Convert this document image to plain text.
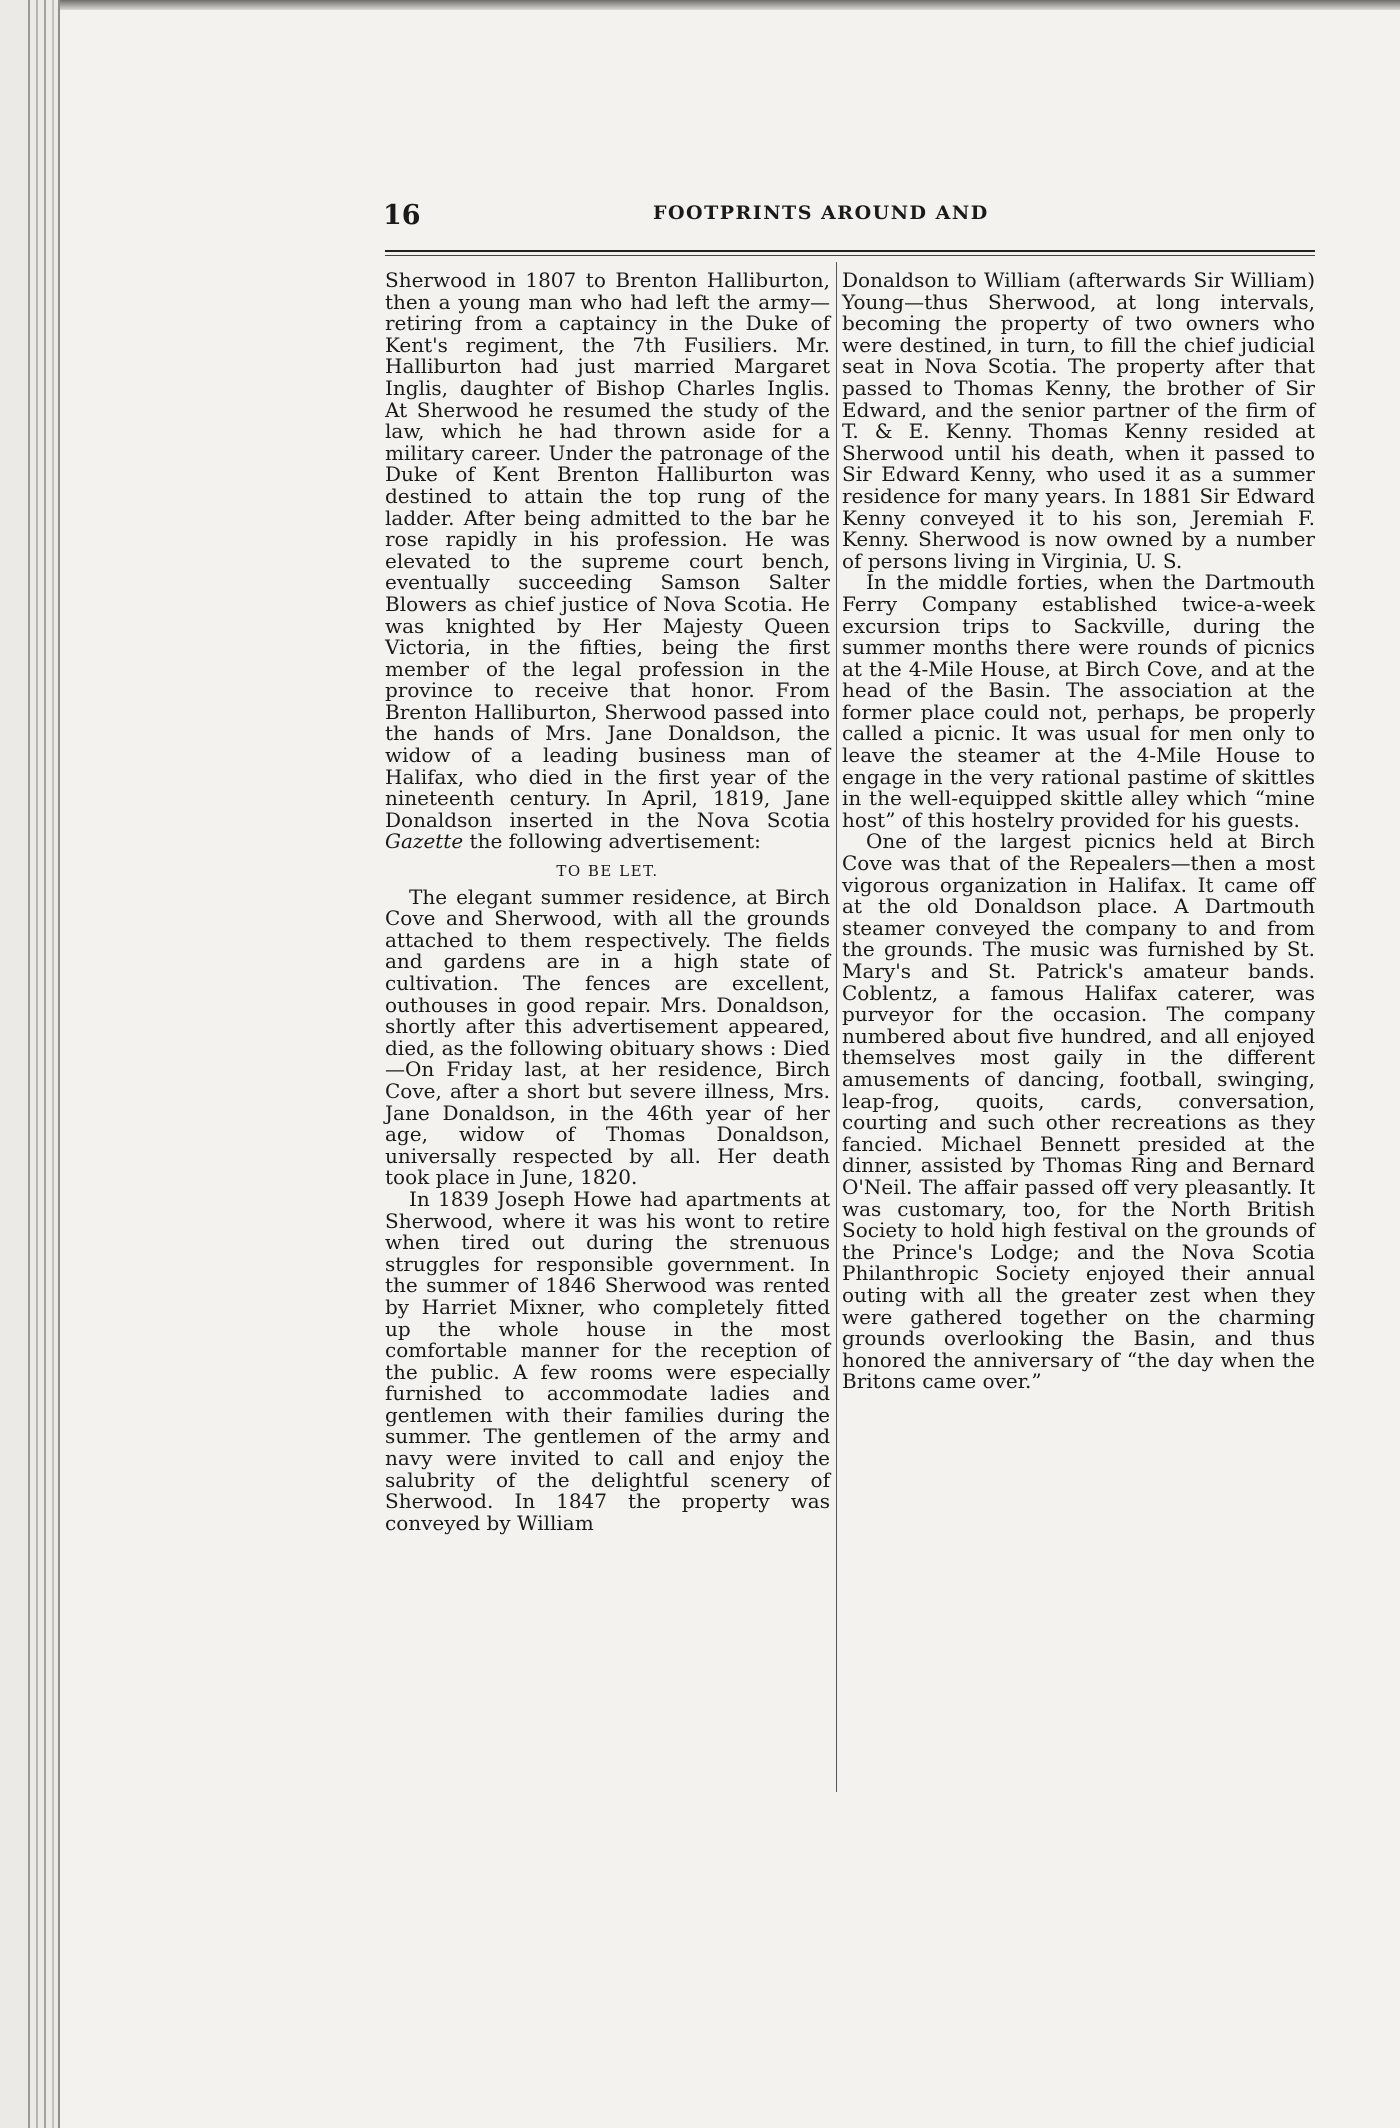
16	FOOTPRINTS AROUND AND

Sherwood in 1807 to Brenton Halliburton, then a young man who had left the army—retiring from a captaincy in the Duke of Kent's regiment, the 7th Fusiliers. Mr. Halliburton had just married Margaret Inglis, daughter of Bishop Charles Inglis. At Sherwood he resumed the study of the law, which he had thrown aside for a military career. Under the patronage of the Duke of Kent Brenton Halliburton was destined to attain the top rung of the ladder. After being admitted to the bar he rose rapidly in his profession. He was elevated to the supreme court bench, eventually succeeding Samson Salter Blowers as chief justice of Nova Scotia. He was knighted by Her Majesty Queen Victoria, in the fifties, being the first member of the legal profession in the province to receive that honor. From Brenton Halliburton, Sherwood passed into the hands of Mrs. Jane Donaldson, the widow of a leading business man of Halifax, who died in the first year of the nineteenth century. In April, 1819, Jane Donaldson inserted in the Nova Scotia Gazette the following advertisement:

TO BE LET.

The elegant summer residence, at Birch Cove and Sherwood, with all the grounds attached to them respectively. The fields and gardens are in a high state of cultivation. The fences are excellent, outhouses in good repair. Mrs. Donaldson, shortly after this advertisement appeared, died, as the following obituary shows : Died—On Friday last, at her residence, Birch Cove, after a short but severe illness, Mrs. Jane Donaldson, in the 46th year of her age, widow of Thomas Donaldson, universally respected by all. Her death took place in June, 1820.

In 1839 Joseph Howe had apartments at Sherwood, where it was his wont to retire when tired out during the strenuous struggles for responsible government. In the summer of 1846 Sherwood was rented by Harriet Mixner, who completely fitted up the whole house in the most comfortable manner for the reception of the public. A few rooms were especially furnished to accommodate ladies and gentlemen with their families during the summer. The gentlemen of the army and navy were invited to call and enjoy the salubrity of the delightful scenery of Sherwood. In 1847 the property was conveyed by William

Donaldson to William (afterwards Sir William) Young—thus Sherwood, at long intervals, becoming the property of two owners who were destined, in turn, to fill the chief judicial seat in Nova Scotia. The property after that passed to Thomas Kenny, the brother of Sir Edward, and the senior partner of the firm of T. & E. Kenny. Thomas Kenny resided at Sherwood until his death, when it passed to Sir Edward Kenny, who used it as a summer residence for many years. In 1881 Sir Edward Kenny conveyed it to his son, Jeremiah F. Kenny. Sherwood is now owned by a number of persons living in Virginia, U. S.

In the middle forties, when the Dartmouth Ferry Company established twice-a-week excursion trips to Sackville, during the summer months there were rounds of picnics at the 4-Mile House, at Birch Cove, and at the head of the Basin. The association at the former place could not, perhaps, be properly called a picnic. It was usual for men only to leave the steamer at the 4-Mile House to engage in the very rational pastime of skittles in the well-equipped skittle alley which “mine host” of this hostelry provided for his guests.

One of the largest picnics held at Birch Cove was that of the Repealers—then a most vigorous organization in Halifax. It came off at the old Donaldson place. A Dartmouth steamer conveyed the company to and from the grounds. The music was furnished by St. Mary's and St. Patrick's amateur bands. Coblentz, a famous Halifax caterer, was purveyor for the occasion. The company numbered about five hundred, and all enjoyed themselves most gaily in the different amusements of dancing, football, swinging, leap-frog, quoits, cards, conversation, courting and such other recreations as they fancied. Michael Bennett presided at the dinner, assisted by Thomas Ring and Bernard O'Neil. The affair passed off very pleasantly. It was customary, too, for the North British Society to hold high festival on the grounds of the Prince's Lodge; and the Nova Scotia Philanthropic Society enjoyed their annual outing with all the greater zest when they were gathered together on the charming grounds overlooking the Basin, and thus honored the anniversary of “the day when the Britons came over.”
